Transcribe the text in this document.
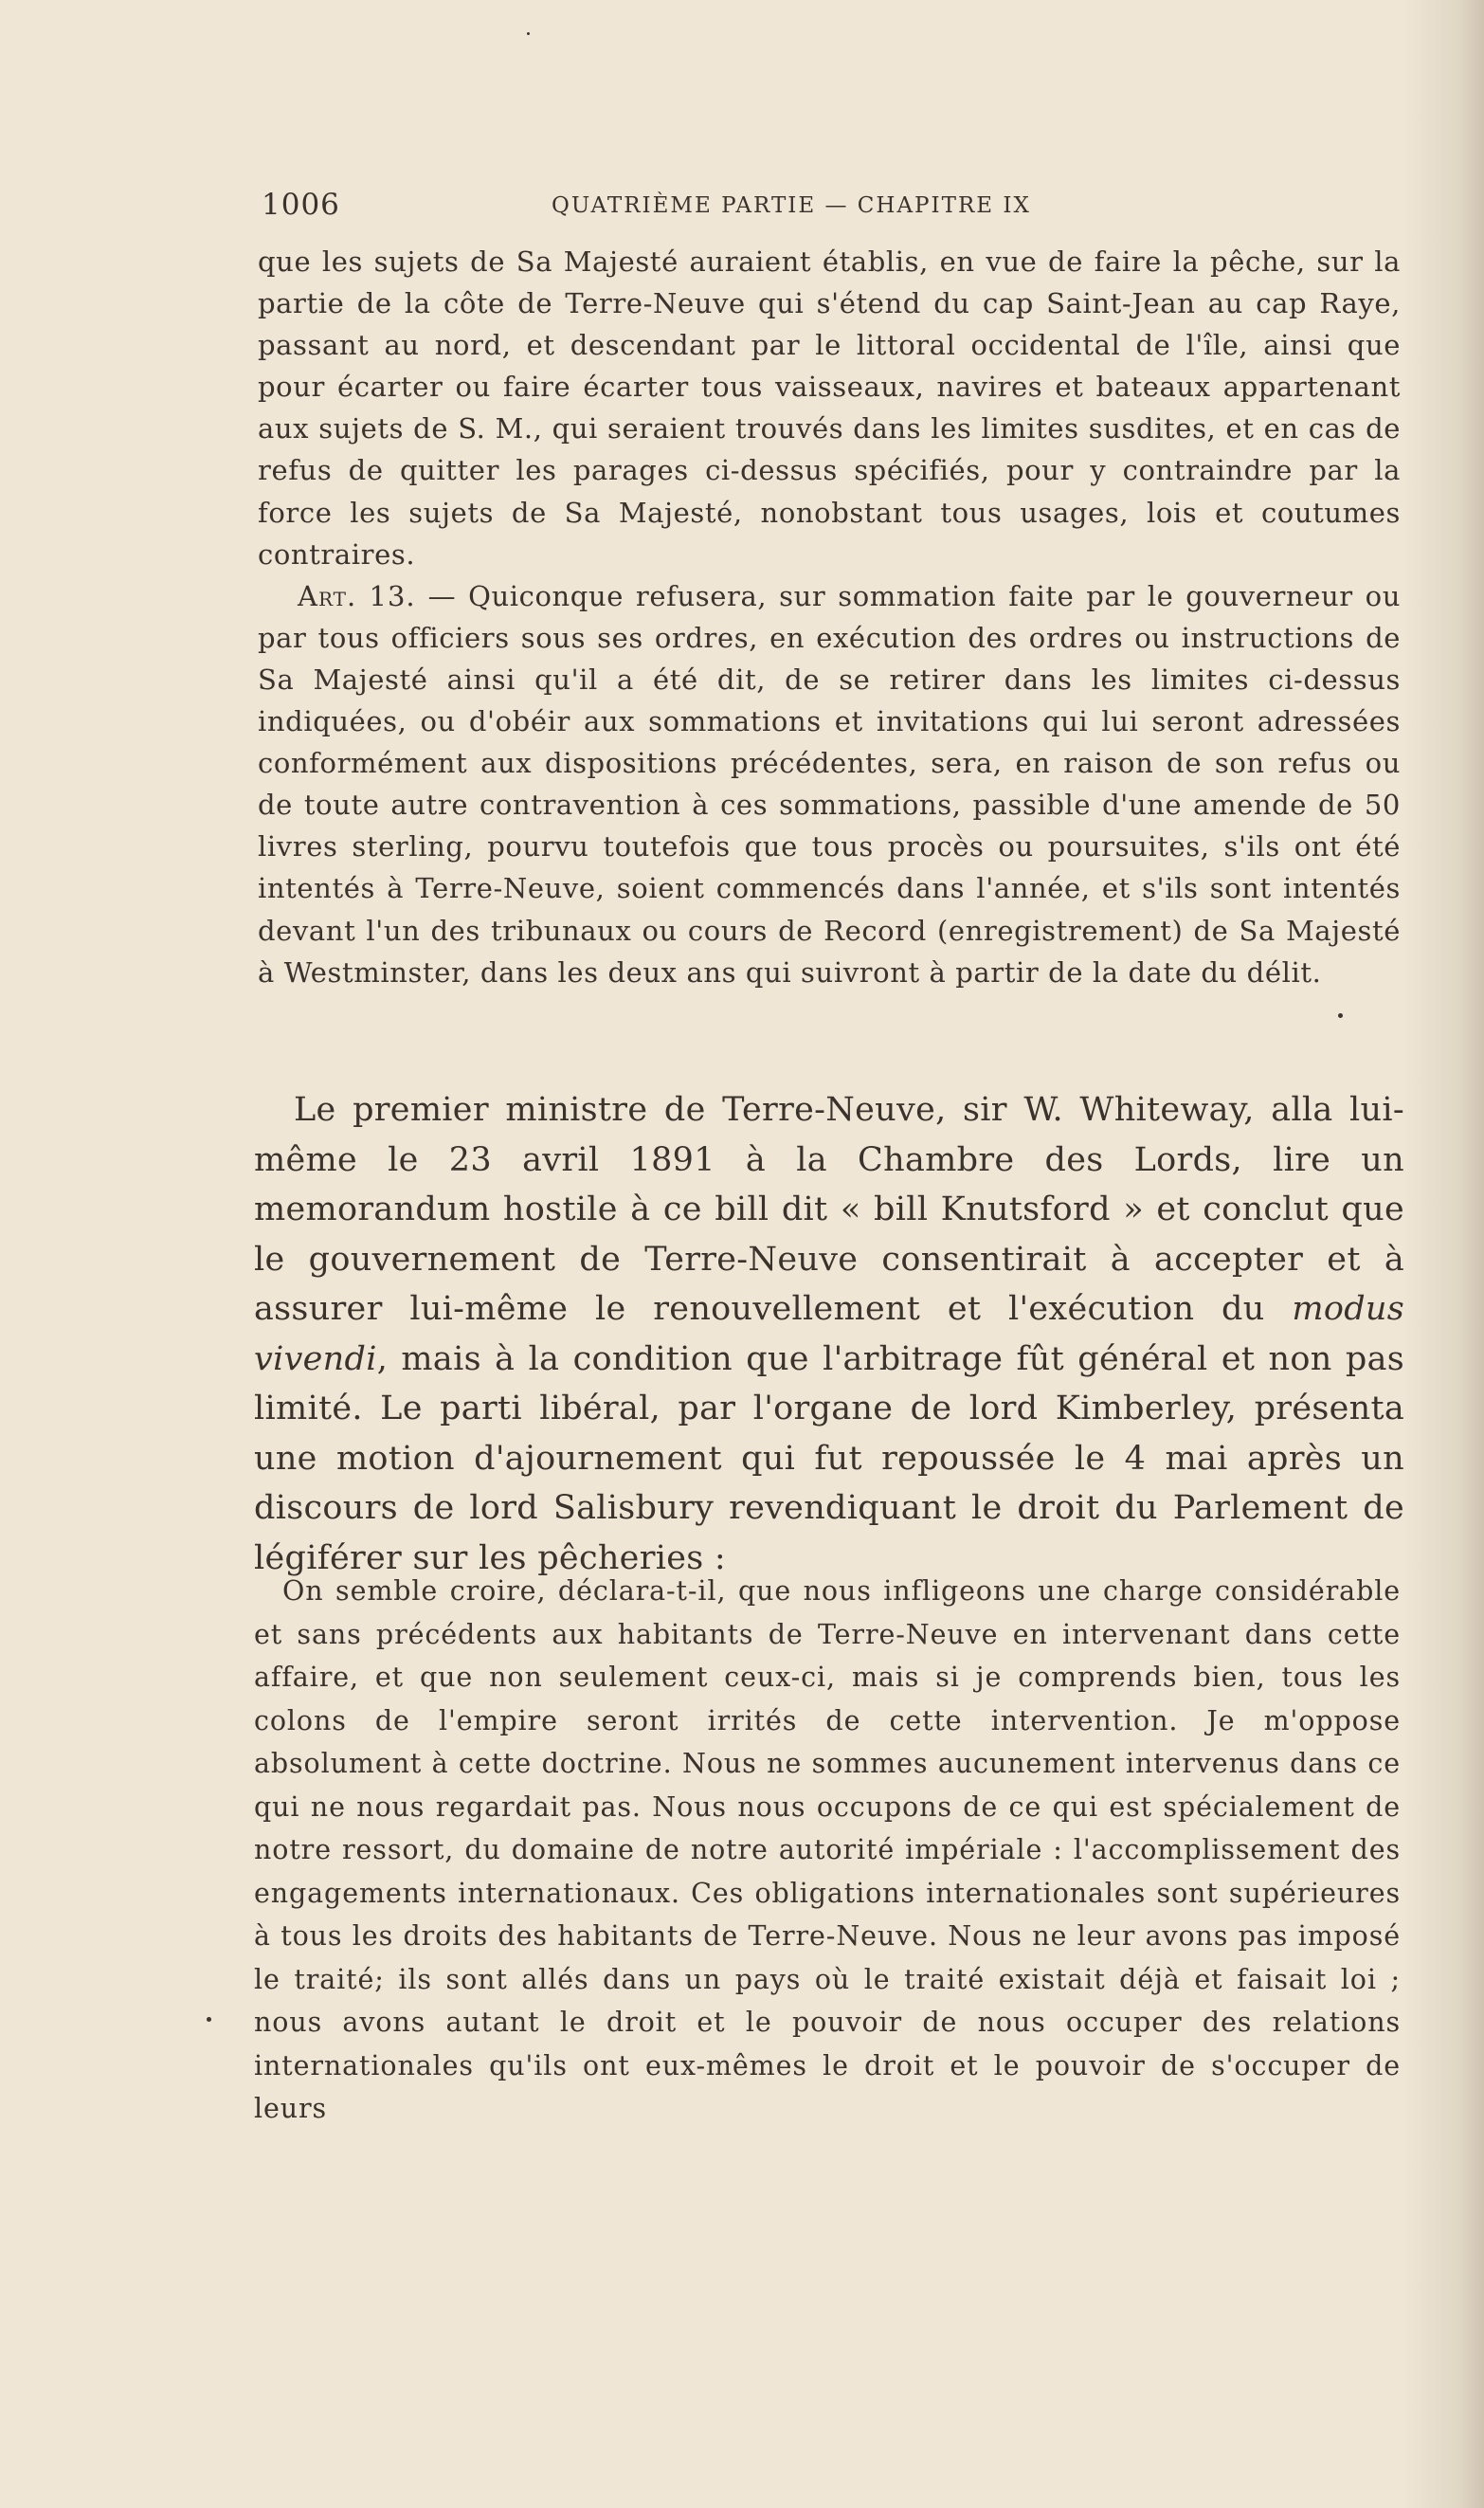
1006	QUATRIÈME PARTIE — CHAPITRE IX

que les sujets de Sa Majesté auraient établis, en vue de faire la pêche, sur la partie de la côte de Terre-Neuve qui s'étend du cap Saint-Jean au cap Raye, passant au nord, et descendant par le littoral occidental de l'île, ainsi que pour écarter ou faire écarter tous vaisseaux, navires et bateaux appartenant aux sujets de S. M., qui seraient trouvés dans les limites susdites, et en cas de refus de quitter les parages ci-dessus spécifiés, pour y contraindre par la force les sujets de Sa Majesté, nonobstant tous usages, lois et coutumes contraires.

Art. 13. — Quiconque refusera, sur sommation faite par le gouverneur ou par tous officiers sous ses ordres, en exécution des ordres ou instructions de Sa Majesté ainsi qu'il a été dit, de se retirer dans les limites ci-dessus indiquées, ou d'obéir aux sommations et invitations qui lui seront adressées conformément aux dispositions précédentes, sera, en raison de son refus ou de toute autre contravention à ces sommations, passible d'une amende de 50 livres sterling, pourvu toutefois que tous procès ou poursuites, s'ils ont été intentés à Terre-Neuve, soient commencés dans l'année, et s'ils sont intentés devant l'un des tribunaux ou cours de Record (enregistrement) de Sa Majesté à Westminster, dans les deux ans qui suivront à partir de la date du délit.

Le premier ministre de Terre-Neuve, sir W. Whiteway, alla lui-même le 23 avril 1891 à la Chambre des Lords, lire un memorandum hostile à ce bill dit « bill Knutsford » et conclut que le gouvernement de Terre-Neuve consentirait à accepter et à assurer lui-même le renouvellement et l'exécution du modus vivendi, mais à la condition que l'arbitrage fût général et non pas limité. Le parti libéral, par l'organe de lord Kimberley, présenta une motion d'ajournement qui fut repoussée le 4 mai après un discours de lord Salisbury revendiquant le droit du Parlement de légiférer sur les pêcheries :

On semble croire, déclara-t-il, que nous infligeons une charge considérable et sans précédents aux habitants de Terre-Neuve en intervenant dans cette affaire, et que non seulement ceux-ci, mais si je comprends bien, tous les colons de l'empire seront irrités de cette intervention. Je m'oppose absolument à cette doctrine. Nous ne sommes aucunement intervenus dans ce qui ne nous regardait pas. Nous nous occupons de ce qui est spécialement de notre ressort, du domaine de notre autorité impériale : l'accomplissement des engagements internationaux. Ces obligations internationales sont supérieures à tous les droits des habitants de Terre-Neuve. Nous ne leur avons pas imposé le traité; ils sont allés dans un pays où le traité existait déjà et faisait loi ; nous avons autant le droit et le pouvoir de nous occuper des relations internationales qu'ils ont eux-mêmes le droit et le pouvoir de s'occuper de leurs
